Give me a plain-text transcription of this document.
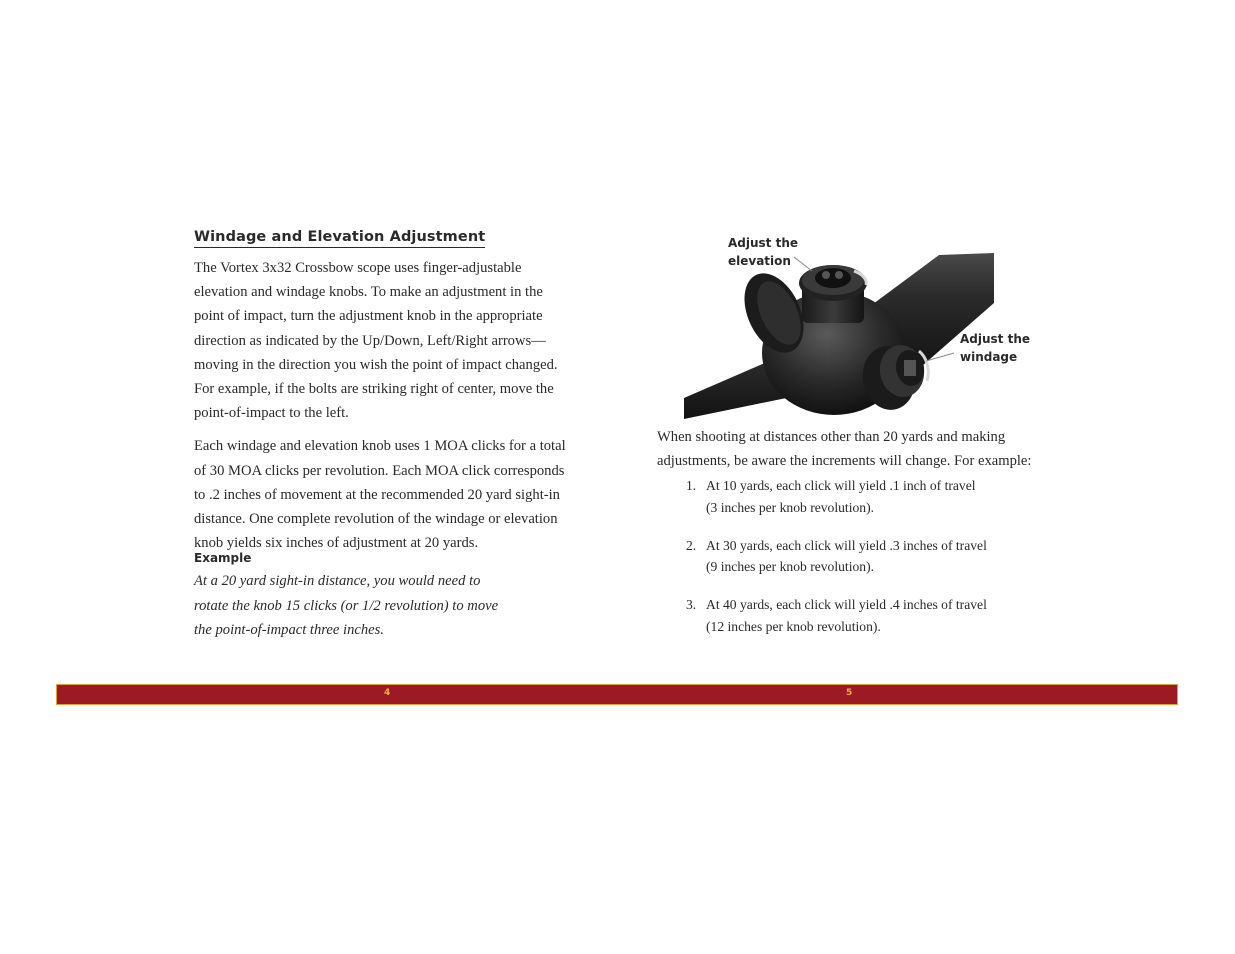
Windage and Elevation Adjustment

The Vortex 3x32 Crossbow scope uses finger-adjustable
elevation and windage knobs. To make an adjustment in the
point of impact, turn the adjustment knob in the appropriate
direction as indicated by the Up/Down, Left/Right arrows—
moving in the direction you wish the point of impact changed.
For example, if the bolts are striking right of center, move the
point-of-impact to the left.

Each windage and elevation knob uses 1 MOA clicks for a total
of 30 MOA clicks per revolution. Each MOA click corresponds
to .2 inches of movement at the recommended 20 yard sight-in
distance. One complete revolution of the windage or elevation
knob yields six inches of adjustment at 20 yards.

Example

At a 20 yard sight-in distance, you would need to
rotate the knob 15 clicks (or 1/2 revolution) to move
the point-of-impact three inches.

Adjust the
elevation
Adjust the
windage

When shooting at distances other than 20 yards and making
adjustments, be aware the increments will change. For example:

1. At 10 yards, each click will yield .1 inch of travel
(3 inches per knob revolution).
2. At 30 yards, each click will yield .3 inches of travel
(9 inches per knob revolution).
3. At 40 yards, each click will yield .4 inches of travel
(12 inches per knob revolution).
4	5
